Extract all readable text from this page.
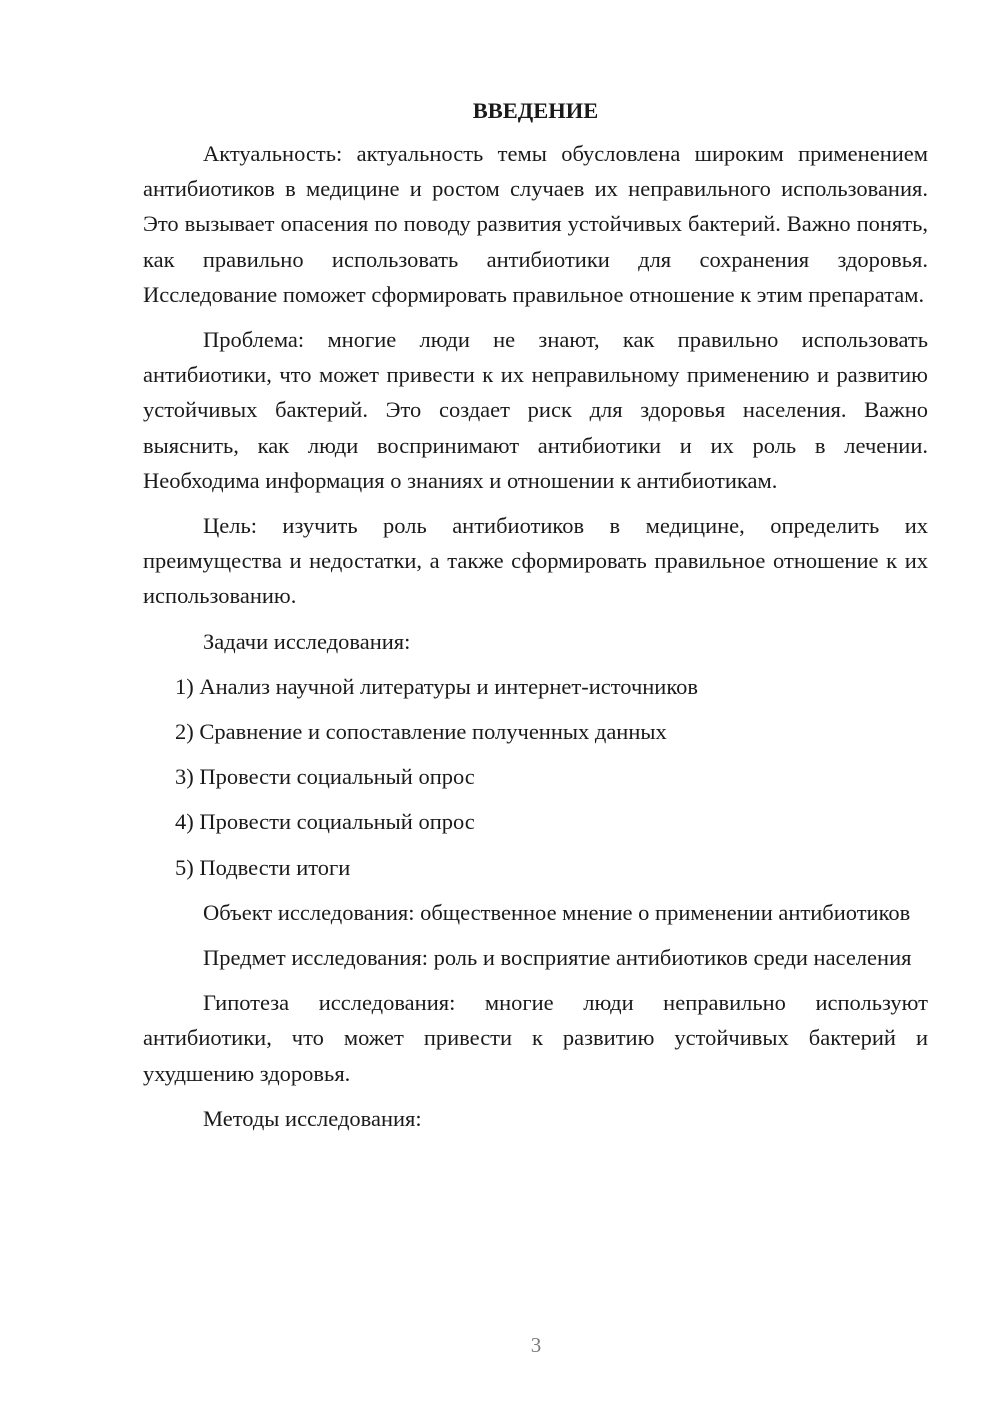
ВВЕДЕНИЕ

Актуальность: актуальность темы обусловлена широким применением антибиотиков в медицине и ростом случаев их неправильного использования. Это вызывает опасения по поводу развития устойчивых бактерий. Важно понять, как правильно использовать антибиотики для сохранения здоровья. Исследование поможет сформировать правильное отношение к этим препаратам.

Проблема: многие люди не знают, как правильно использовать антибиотики, что может привести к их неправильному применению и развитию устойчивых бактерий. Это создает риск для здоровья населения. Важно выяснить, как люди воспринимают антибиотики и их роль в лечении. Необходима информация о знаниях и отношении к антибиотикам.

Цель: изучить роль антибиотиков в медицине, определить их преимущества и недостатки, а также сформировать правильное отношение к их использованию.

Задачи исследования:

1) Анализ научной литературы и интернет-источников
2) Сравнение и сопоставление полученных данных
3) Провести социальный опрос
4) Провести социальный опрос
5) Подвести итоги

Объект исследования: общественное мнение о применении антибиотиков

Предмет исследования: роль и восприятие антибиотиков среди населения

Гипотеза исследования: многие люди неправильно используют антибиотики, что может привести к развитию устойчивых бактерий и ухудшению здоровья.

Методы исследования:

3
